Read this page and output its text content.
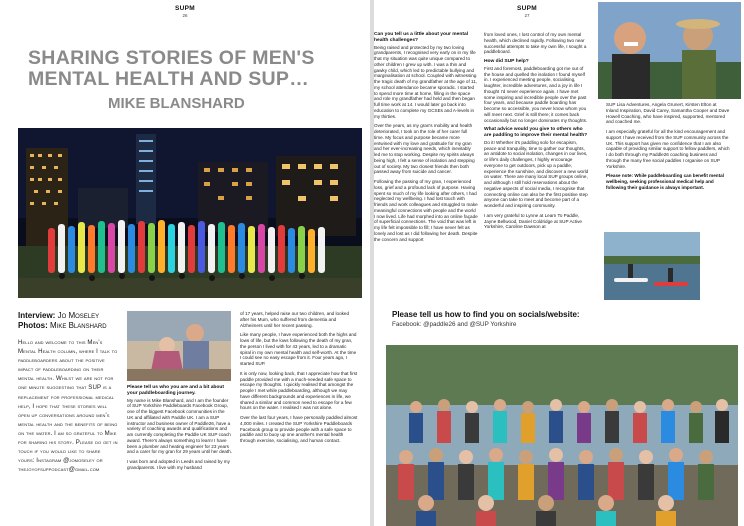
SUPM
26
SHARING STORIES OF MEN'S MENTAL HEALTH AND SUP…
MIKE BLANSHARD
Interview: Jo Moseley
Photos: Mike Blanshard

Hello and welcome to this Men's Mental Health column, where I talk to paddleboarders about the positive impact of paddleboarding on their mental health. Whilst we are not for one minute suggesting that SUP is a replacement for professional medical help, I hope that these stories will open up conversations around men's mental health and the benefits of being on the water. I am so grateful to Mike for sharing his story. Please do get in touch if you would like to share yours: Instagram @jomoseley or thejoyofsuppodcast@gmail.com

Please tell us who you are and a bit about your paddleboarding journey.

My name is Mike Blanshard, and I am the founder of SUP Yorkshire Paddleboards Facebook Group, one of the biggest Facebook communities in the UK and affiliated with Paddle UK. I am a SUP instructor and business owner of Paddle26, have a variety of coaching awards and qualifications and am currently completing the Paddle UK SUP coach award. There's always something to learn! I have been a plumber and heating engineer for 23 years and a carer for my gran for 29 years until her death.

I was born and adopted in Leeds and raised by my grandparents. I live with my husband

of 17 years, helped raise our two children, and looked after his Mum, who suffered from dementia and Alzheimers until her recent passing.

Like many people, I have experienced both the highs and lows of life, but the lows following the death of my gran, the person I lived with for 43 years, led to a dramatic spiral in my own mental health and self-worth. At the time I could see no easy escape from it. Four years ago, I started SUP.

It is only now, looking back, that I appreciate how that first paddle provided me with a much-needed safe space to escape my thoughts. I quickly realised that amongst the people I met while paddleboarding, although we may have different backgrounds and experiences in life, we shared a similar and common need to escape for a few hours on the water. I realised I was not alone.

Over the last four years, I have personally paddled almost 4,000 miles. I created the SUP Yorkshire Paddleboards Facebook group to provide people with a safe space to paddle and to buoy up one another's mental health through exercise, socialising, and human contact.

SUPM
27
Can you tell us a little about your mental health challenges?

Being raised and protected by my two loving grandparents, I recognised very early on in my life that my situation was quite unique compared to other children I grew up with. I was a thin and gawky child, which led to predictable bullying and marginalisation at school. Coupled with witnessing the tragic death of my grandfather at the age of 11, my school attendance became sporadic. I started to spend more time at home, filling in the space and role my grandfather had held and then began full time work at 14. I would later go back into education to complete my GCSEs and A-levels in my thirties.

Over the years, as my gran's mobility and health deteriorated, I took on the role of her carer full time. My focus and purpose became more entwined with my love and gratitude for my gran and her ever-increasing needs, which inevitably led me to stop working. Despite my spirits always being high, I felt a sense of isolation and stepping out of society. My two closest friends then both passed away from suicide and cancer.

Following the passing of my gran, I experienced loss, grief and a profound lack of purpose. Having spent so much of my life looking after others, I had neglected my wellbeing. I had lost touch with friends and work colleagues and struggled to make meaningful connections with people and the world I now lived. Life had morphed into an online façade of superficial connections. The void that was left in my life felt impossible to fill; I have never felt as lonely and lost as I did following her death. Despite the concern and support

from loved ones, I lost control of my own mental health, which declined rapidly. Following two near successful attempts to take my own life, I sought a paddleboard.

How did SUP help?

First and foremost, paddleboarding got me out of the house and quelled the isolation I found myself in. I experienced meeting people, socialising, laughter, incredible adventures, and a joy in life I thought I'd never experience again. I have met some inspiring and incredible people over the past four years, and because paddle boarding has become so accessible, you never know whom you will meet next. Grief is still there; it comes back occasionally but no longer dominates my thoughts.

What advice would you give to others who are paddling to improve their mental health?

Do it! Whether it's paddling solo for escapism, peace and tranquility, time to gather our thoughts, an antidote to social isolation, changes in our lives, or life's daily challenges, I highly encourage everyone to get outdoors, pick up a paddle, experience the sunshine, and discover a new world on water. There are many local SUP groups online, and although I still hold reservations about the negative aspects of social media, I recognise that connecting online can also be the first positive step anyone can take to meet and become part of a wonderful and inspiring community.

I am very grateful to Lynne at Learn To Paddle, Jayne Bellwood, Daniel Coldridge at SUP Active Yorkshire, Caroline Dawson at

SUP Lisa Adventures, Angela Grunert, Kirsten Elton at Inland Inspiration, David Carey, Samantha Cooper and Dave Howell Coaching, who have inspired, supported, mentored and coached me.

I am especially grateful for all the kind encouragement and support I have received from the SUP community across the UK. This support has given me confidence that I am also capable of providing similar support to fellow paddlers, which I do both through my Paddle26 coaching business and through the many free social paddles I organise on SUP Yorkshire.

Please note: While paddleboarding can benefit mental wellbeing, seeking professional medical help and following their guidance is always important.

Please tell us how to find you on socials/website:
Facebook: @paddle26 and @SUP Yorkshire
